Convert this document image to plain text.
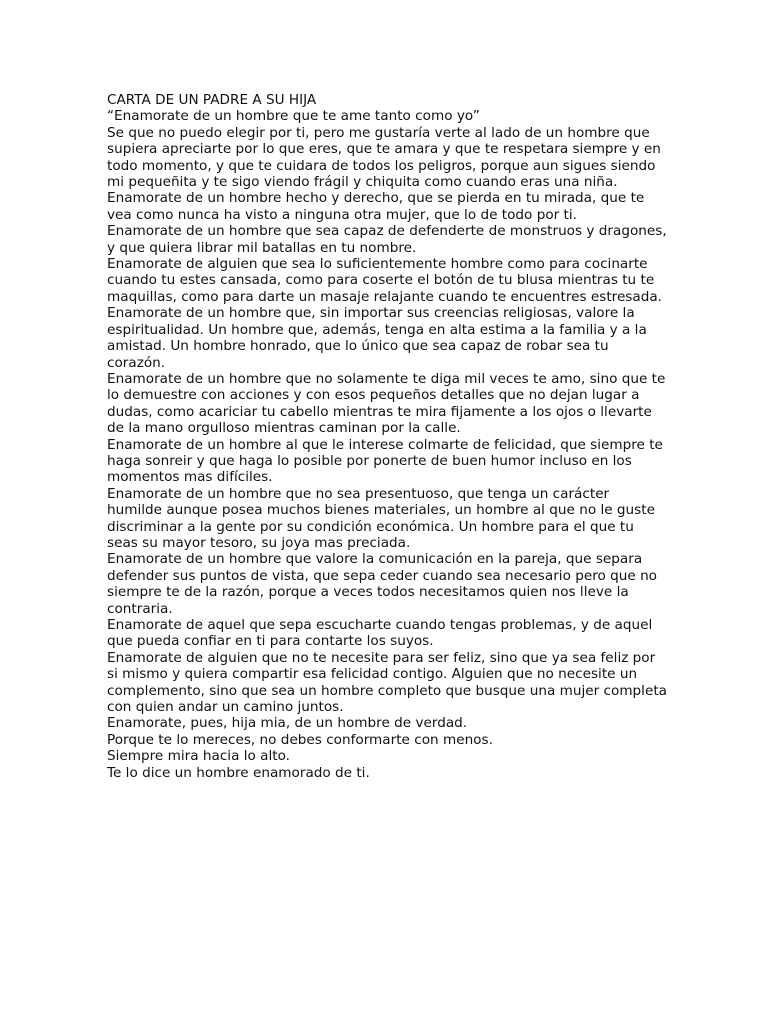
CARTA DE UN PADRE A SU HIJA

“Enamorate de un hombre que te ame tanto como yo”

Se que no puedo elegir por ti, pero me gustaría verte al lado de un hombre que supiera apreciarte por lo que eres, que te amara y que te respetara siempre y en todo momento, y que te cuidara de todos los peligros, porque aun sigues siendo mi pequeñita y te sigo viendo frágil y chiquita como cuando eras una niña.

Enamorate de un hombre hecho y derecho, que se pierda en tu mirada, que te vea como nunca ha visto a ninguna otra mujer, que lo de todo por ti.

Enamorate de un hombre que sea capaz de defenderte de monstruos y dragones, y que quiera librar mil batallas en tu nombre.

Enamorate de alguien que sea lo suficientemente hombre como para cocinarte cuando tu estes cansada, como para coserte el botón de tu blusa mientras tu te maquillas, como para darte un masaje relajante cuando te encuentres estresada.

Enamorate de un hombre que, sin importar sus creencias religiosas, valore la espiritualidad. Un hombre que, además, tenga en alta estima a la familia y a la amistad. Un hombre honrado, que lo único que sea capaz de robar sea tu corazón.

Enamorate de un hombre que no solamente te diga mil veces te amo, sino que te lo demuestre con acciones y con esos pequeños detalles que no dejan lugar a dudas, como acariciar tu cabello mientras te mira fijamente a los ojos o llevarte de la mano orgulloso mientras caminan por la calle.

Enamorate de un hombre al que le interese colmarte de felicidad, que siempre te haga sonreir y que haga lo posible por ponerte de buen humor incluso en los momentos mas difíciles.

Enamorate de un hombre que no sea presentuoso, que tenga un carácter humilde aunque posea muchos bienes materiales, un hombre al que no le guste discriminar a la gente por su condición económica. Un hombre para el que tu seas su mayor tesoro, su joya mas preciada.

Enamorate de un hombre que valore la comunicación en la pareja, que separa defender sus puntos de vista, que sepa ceder cuando sea necesario pero que no siempre te de la razón, porque a veces todos necesitamos quien nos lleve la contraria.

Enamorate de aquel que sepa escucharte cuando tengas problemas, y de aquel que pueda confiar en ti para contarte los suyos.

Enamorate de alguien que no te necesite para ser feliz, sino que ya sea feliz por si mismo y quiera compartir esa felicidad contigo. Alguien que no necesite un complemento, sino que sea un hombre completo que busque una mujer completa con quien andar un camino juntos.

Enamorate, pues, hija mia, de un hombre de verdad.

Porque te lo mereces, no debes conformarte con menos.

Siempre mira hacia lo alto.

Te lo dice un hombre enamorado de ti.
